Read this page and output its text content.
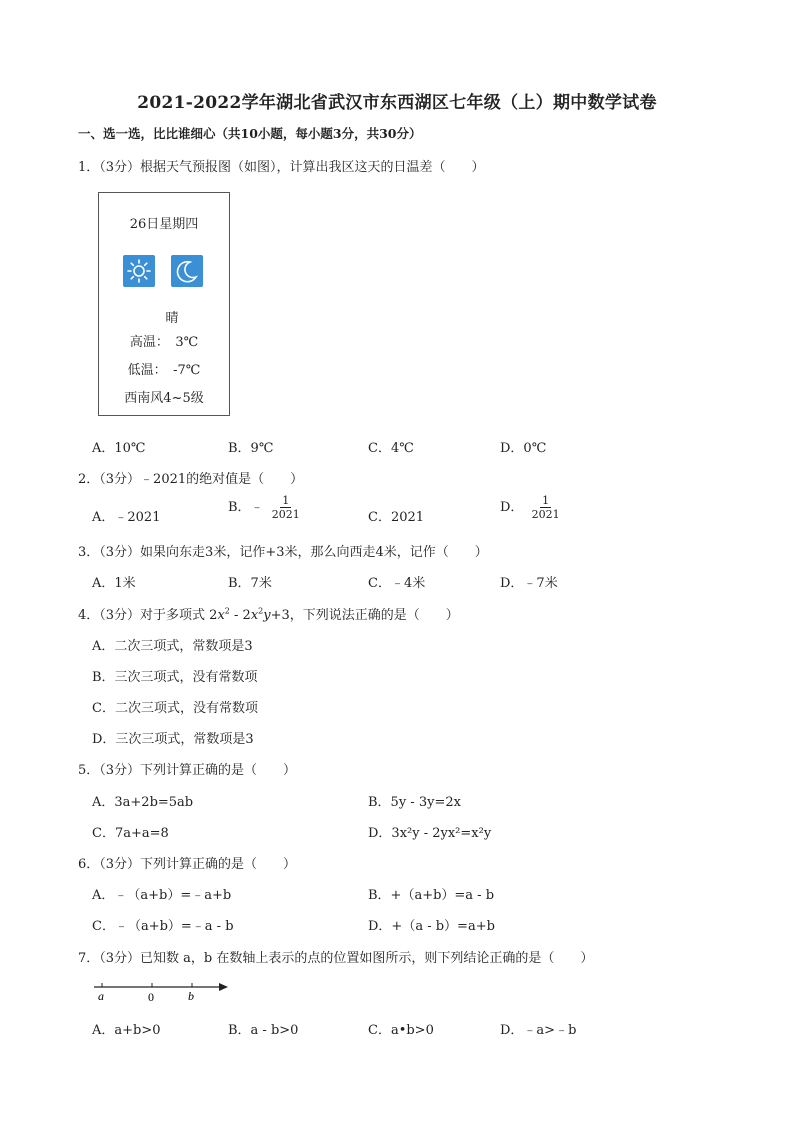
2021-2022学年湖北省武汉市东西湖区七年级（上）期中数学试卷
一、选一选，比比谁细心（共10小题，每小题3分，共30分）
1．（3分）根据天气预报图（如图），计算出我区这天的日温差（　　）
26日星期四
晴
高温：　3℃
低温：　-7℃
西南风4~5级
A．10℃	B．9℃	C．4℃	D．0℃
2．（3分）﹣2021的绝对值是（　　）
A．﹣2021
B．﹣ $\frac{1}{2021}$	C．2021
D． $\frac{1}{2021}$
3．（3分）如果向东走3米，记作+3米，那么向西走4米，记作（　　）
A．1米	B．7米	C．﹣4米	D．﹣7米
4．（3分）对于多项式 $2x^2 - 2x^2y+3$，下列说法正确的是（　　）
A．二次三项式，常数项是3
B．三次三项式，没有常数项
C．二次三项式，没有常数项
D．三次三项式，常数项是3
5．（3分）下列计算正确的是（　　）
A．3a+2b=5ab	B．5y - 3y=2x
C．7a+a=8	D．3x²y - 2yx²=x²y
6．（3分）下列计算正确的是（　　）
A．﹣（a+b）=﹣a+b	B．+（a+b）=a - b
C．﹣（a+b）=﹣a - b	D．+（a - b）=a+b
7．（3分）已知数 a，b 在数轴上表示的点的位置如图所示，则下列结论正确的是（　　）
a	0	b
A．a+b>0	B．a - b>0	C．a•b>0	D．﹣a>﹣b
